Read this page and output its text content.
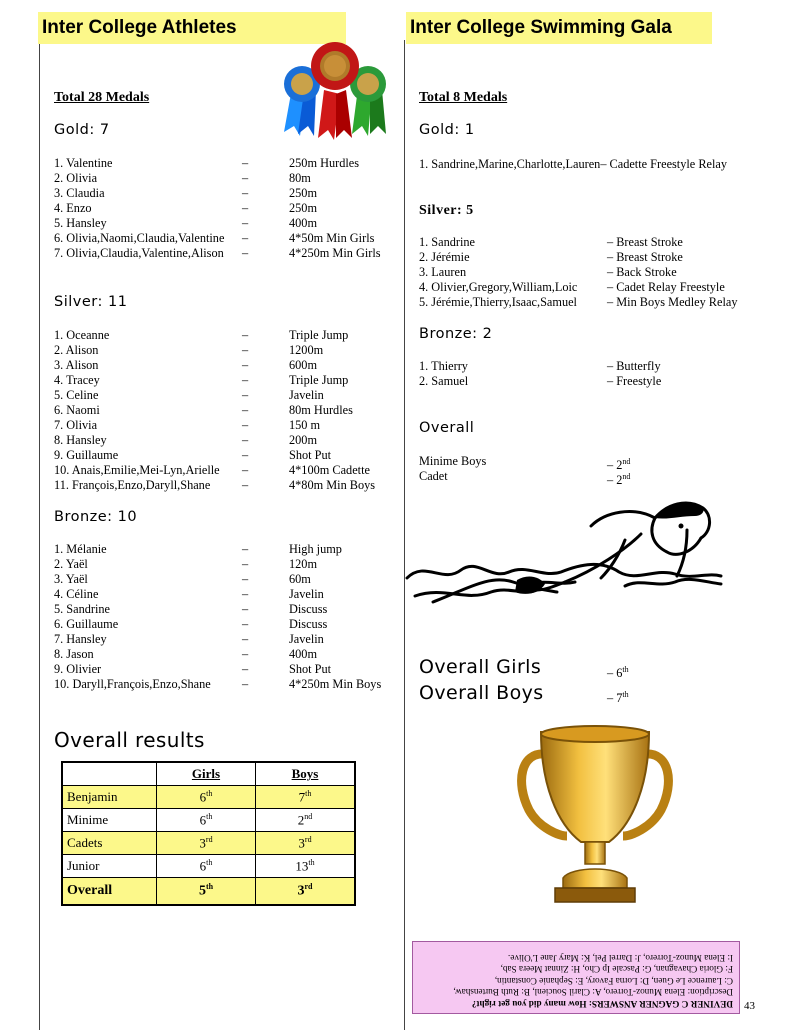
Inter College Athletes	Inter College Swimming Gala
Total 28 Medals
Gold: 7
1. Valentine	–	250m Hurdles
2. Olivia	–	80m
3. Claudia	–	250m
4. Enzo	–	250m
5. Hansley	–	400m
6. Olivia,Naomi,Claudia,Valentine –	4*50m Min Girls
7. Olivia,Claudia,Valentine,Alison –	4*250m Min Girls
Silver: 11
1. Oceanne	–	Triple Jump
2. Alison	–	1200m
3. Alison	–	600m
4. Tracey	–	Triple Jump
5. Celine	–	Javelin
6. Naomi	–	80m Hurdles
7. Olivia	–	150 m
8. Hansley	–	200m
9. Guillaume	–	Shot Put
10. Anais,Emilie,Mei-Lyn,Arielle –	4*100m Cadette
11. François,Enzo,Daryll,Shane	–	4*80m Min Boys
Bronze: 10
1. Mélanie	–	High jump
2. Yaël	–	120m
3. Yaël	–	60m
4. Céline	–	Javelin
5. Sandrine	–	Discuss
6. Guillaume	–	Discuss
7. Hansley	–	Javelin
8. Jason	–	400m
9. Olivier	–	Shot Put
10. Daryll,François,Enzo,Shane	–	4*250m Min Boys
Overall results
	Girls	Boys
Benjamin	6th	7th
Minime	6th	2nd
Cadets	3rd	3rd
Junior	6th	13th
Overall	5th	3rd
Total 8 Medals
Gold: 1
1. Sandrine,Marine,Charlotte,Lauren– Cadette Freestyle Relay
Silver: 5
1. Sandrine	– Breast Stroke
2. Jérémie	– Breast Stroke
3. Lauren	– Back Stroke
4. Olivier,Gregory,William,Loic – Cadet Relay Freestyle
5. Jérémie,Thierry,Isaac,Samuel – Min Boys Medley Relay
Bronze: 2
1. Thierry	– Butterfly
2. Samuel	– Freestyle
Overall
Minime Boys	– 2nd
Cadet	– 2nd
Overall Girls	– 6th
Overall Boys	– 7th
DEVINER C GAGNER ANSWERS: How many did you get right?
Description: Elena Munoz-Torrero, A: Claril Soucienl, B: Ruth Burtenshaw,
C: Laurence Le Guen, D: Lorna Favory, E: Sephanie Constantin,
F: Gloria Chavagnan, G: Pascale Ip Cho, H: Zinnat Meera Sab,
I: Elena Munoz-Torrero, J: Darrel Pel, K: Mary Jane L'Olive.
43
